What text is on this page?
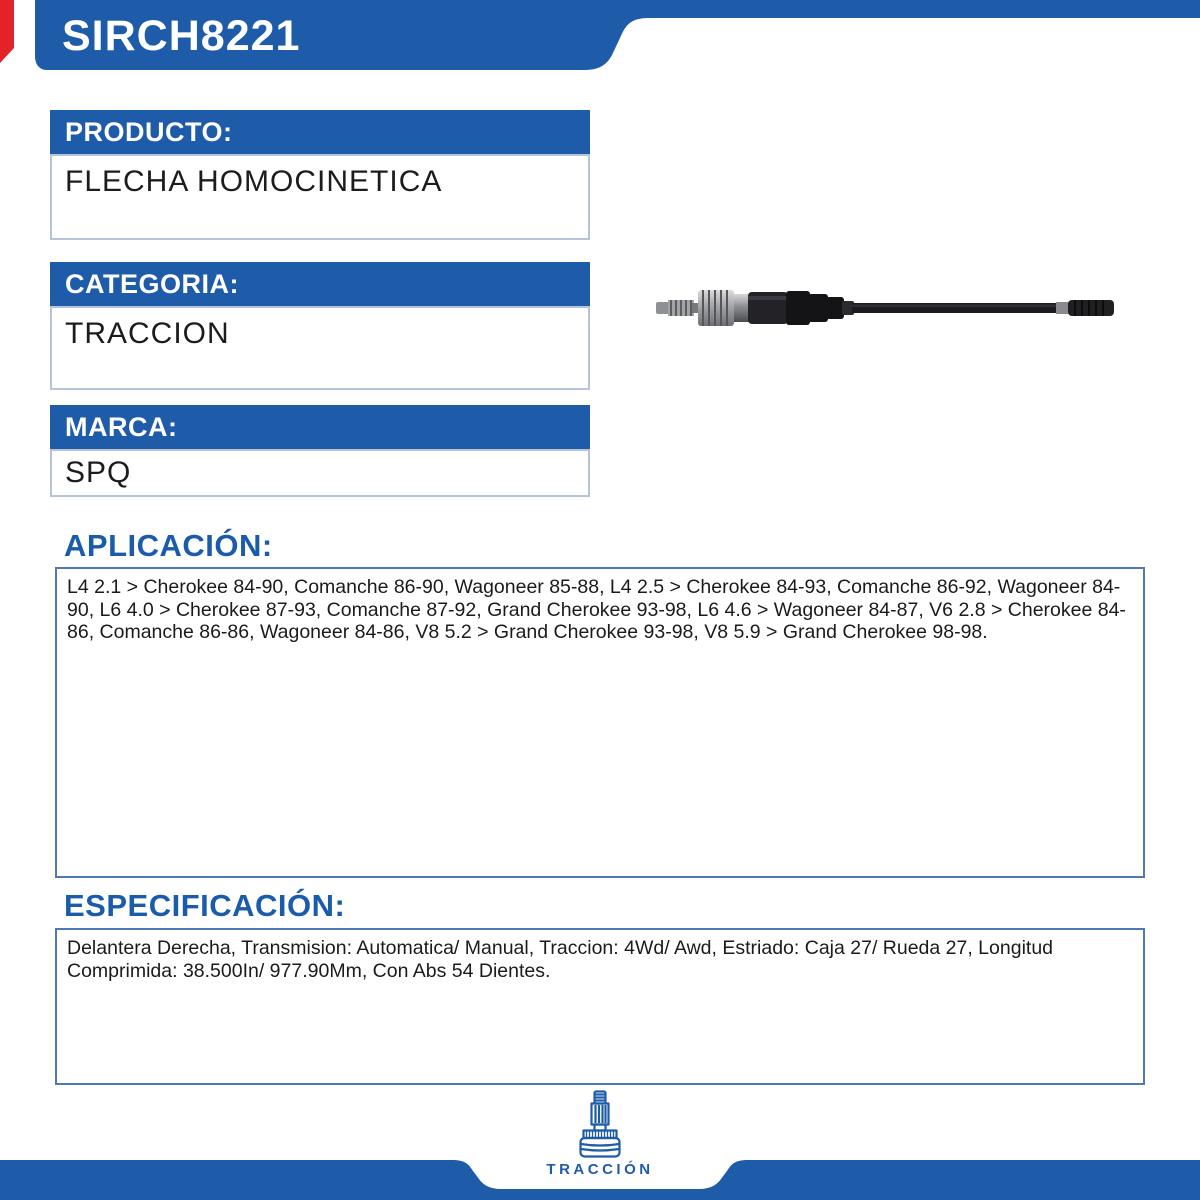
SIRCH8221
PRODUCTO:
FLECHA HOMOCINETICA
CATEGORIA:
TRACCION
MARCA:
SPQ
APLICACIÓN:
L4 2.1 > Cherokee 84-90, Comanche 86-90, Wagoneer 85-88, L4 2.5 > Cherokee 84-93, Comanche 86-92, Wagoneer 84-90, L6 4.0 > Cherokee 87-93, Comanche 87-92, Grand Cherokee 93-98, L6 4.6 > Wagoneer 84-87, V6 2.8 > Cherokee 84-86, Comanche 86-86, Wagoneer 84-86, V8 5.2 > Grand Cherokee 93-98, V8 5.9 > Grand Cherokee 98-98.
ESPECIFICACIÓN:
Delantera Derecha, Transmision: Automatica/ Manual, Traccion: 4Wd/ Awd, Estriado: Caja 27/ Rueda 27, Longitud Comprimida: 38.500In/ 977.90Mm, Con Abs 54 Dientes.
TRACCIÓN
